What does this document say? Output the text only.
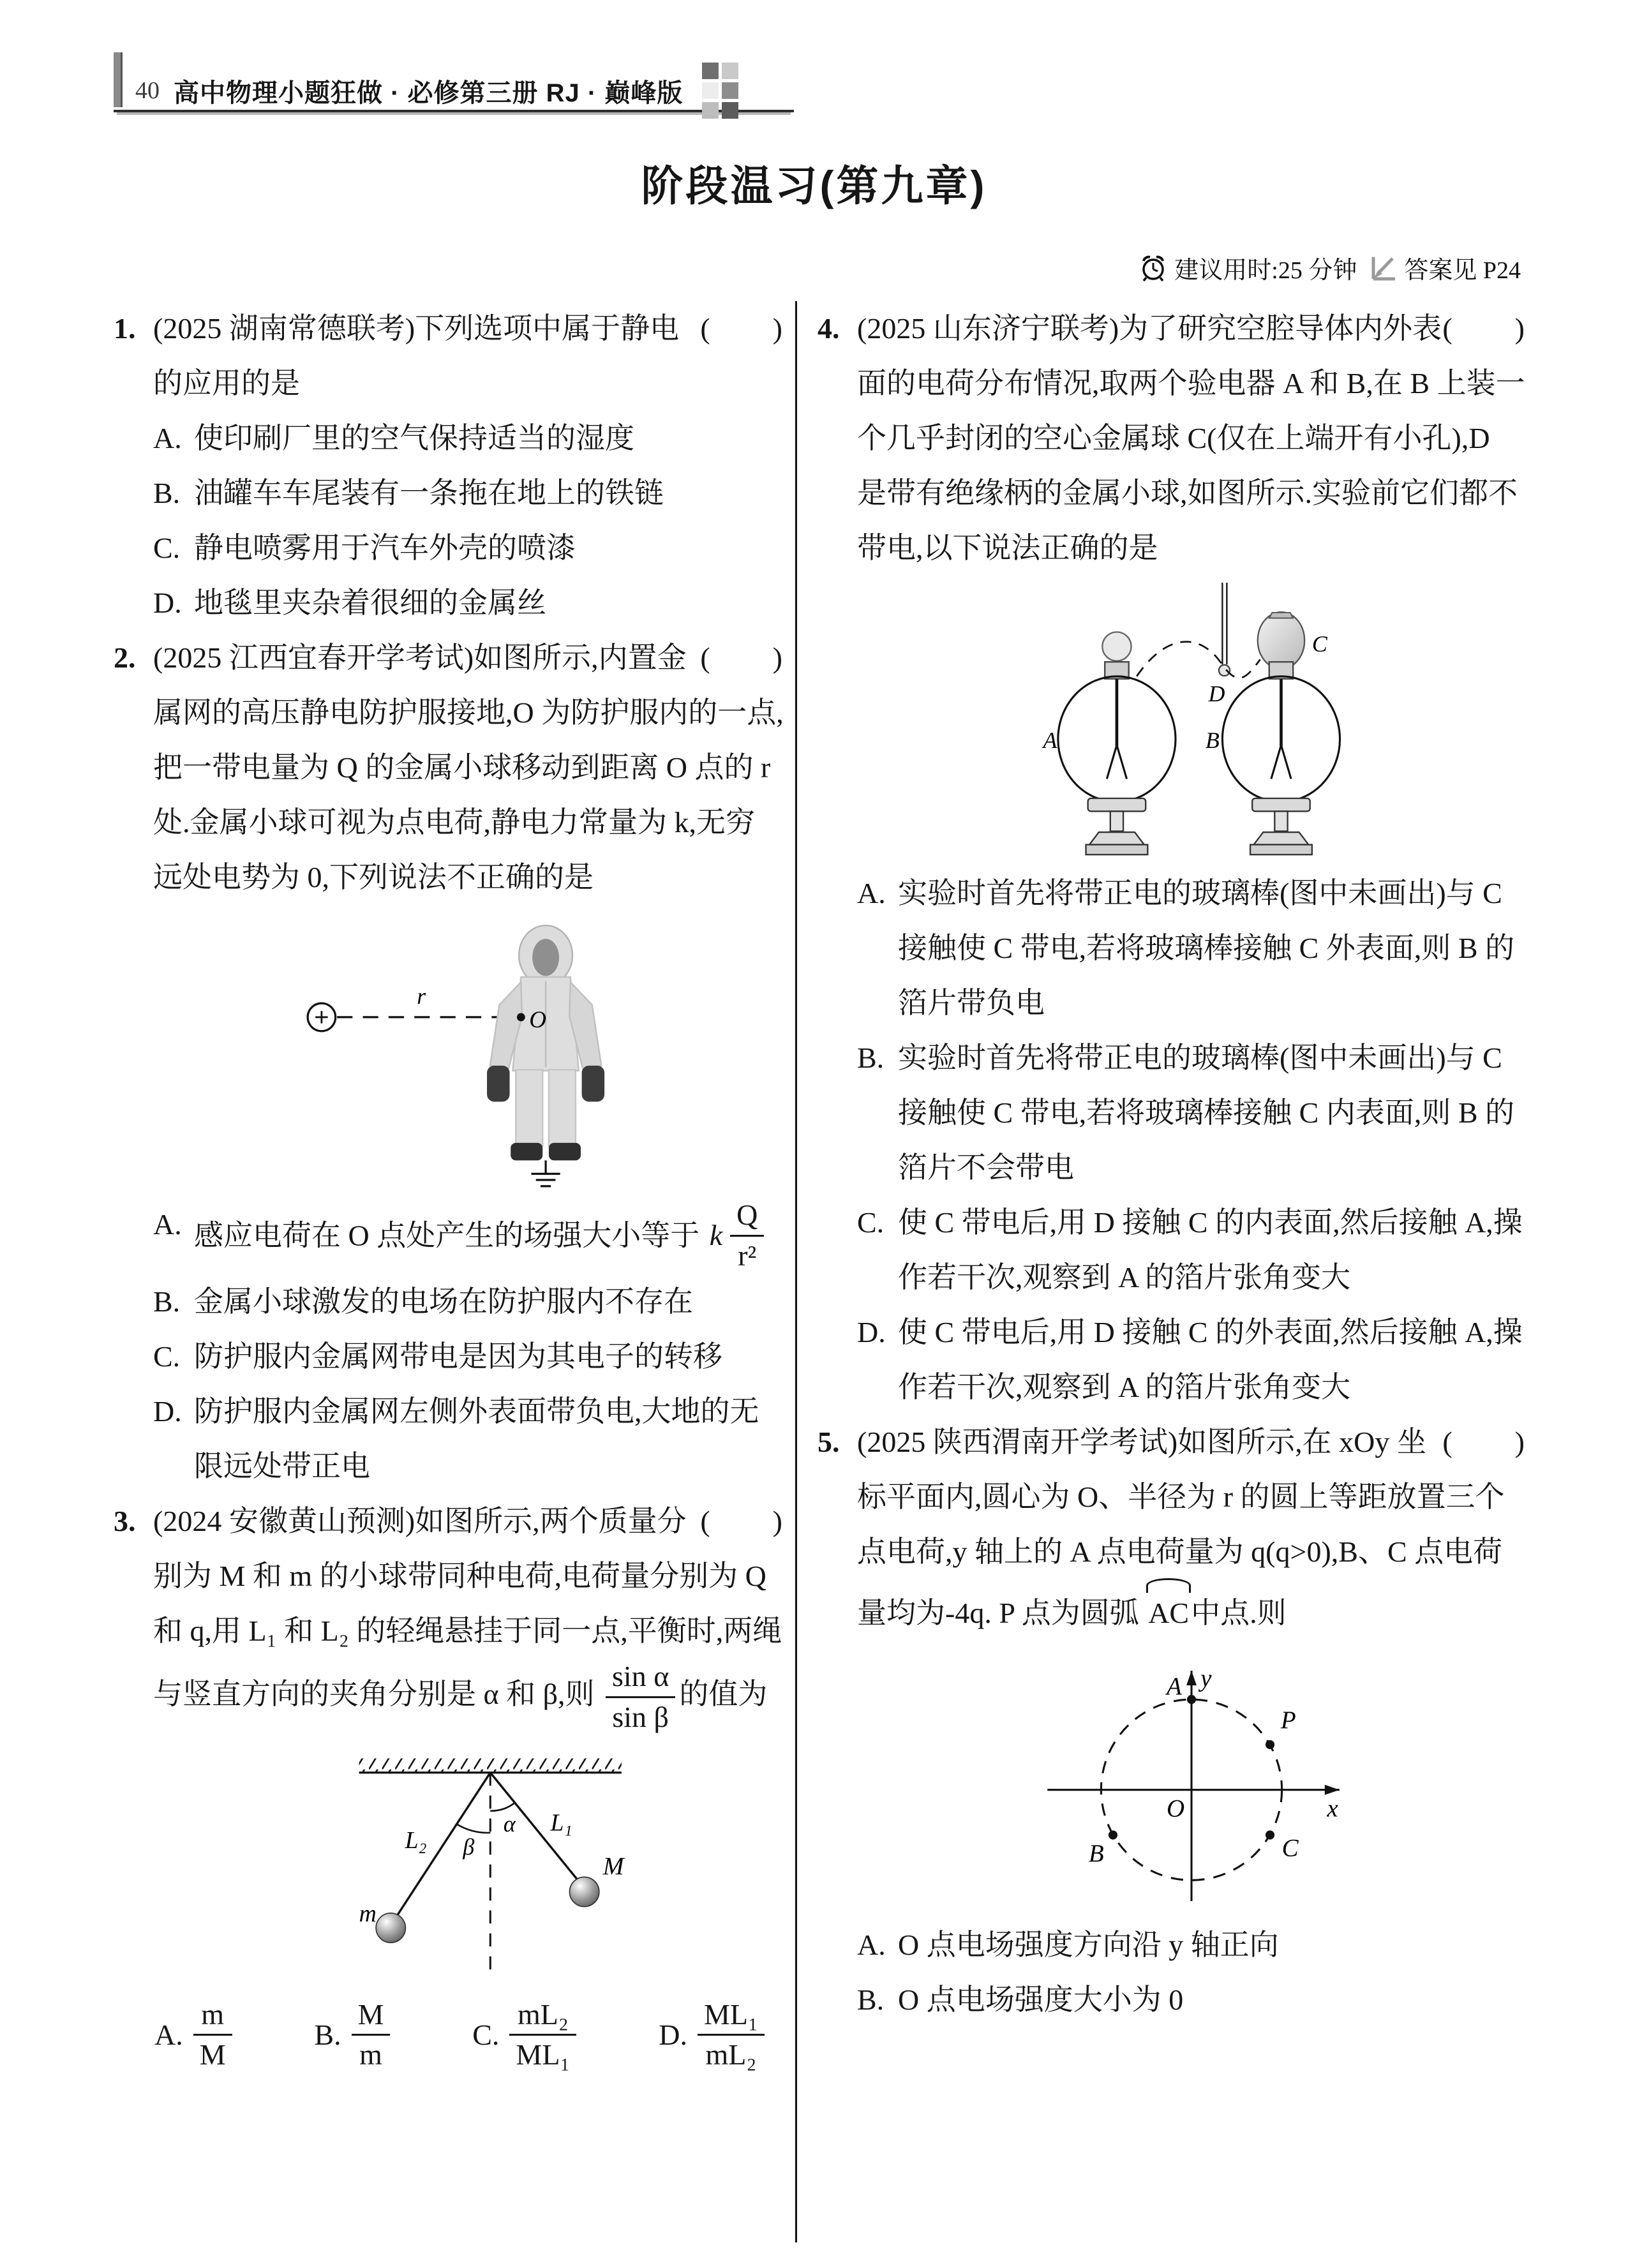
40 高中物理小题狂做 · 必修第三册 RJ · 巅峰版
阶段温习(第九章)
建议用时:25 分钟 答案见 P24
1.	(　　)
(2025 湖南常德联考)下列选项中属于静电的应用的是
A. 使印刷厂里的空气保持适当的湿度
B. 油罐车车尾装有一条拖在地上的铁链
C. 静电喷雾用于汽车外壳的喷漆
D. 地毯里夹杂着很细的金属丝
2.	(　　)
(2025 江西宜春开学考试)如图所示,内置金属网的高压静电防护服接地,O 为防护服内的一点,把一带电量为 Q 的金属小球移动到距离 O 点的 r 处.金属小球可视为点电荷,静电力常量为 k,无穷远处电势为 0,下列说法不正确的是
r
O
A. 感应电荷在 O 点处产生的场强大小等于 k $\frac{Q}{\text{r²}}$
B. 金属小球激发的电场在防护服内不存在
C. 防护服内金属网带电是因为其电子的转移
D. 防护服内金属网左侧外表面带负电,大地的无限远处带正电
3.	(　　)
(2024 安徽黄山预测)如图所示,两个质量分别为 M 和 m 的小球带同种电荷,电荷量分别为 Q 和 q,用 L₁ 和 L₂ 的轻绳悬挂于同一点,平衡时,两绳与竖直方向的夹角分别是 α 和 β,则 $\frac{\text{sin α}}{\text{sin β}}$ 的值为
β
α
L₂
L₁
m
M
A. $\frac{m}{M}$	B. $\frac{M}{m}$	C. $\frac{\text{mL₂}}{\text{ML₁}}$	D. $\frac{\text{ML₁}}{\text{mL₂}}$
4.	(　　)
(2025 山东济宁联考)为了研究空腔导体内外表面的电荷分布情况,取两个验电器 A 和 B,在 B 上装一个几乎封闭的空心金属球 C(仅在上端开有小孔),D 是带有绝缘柄的金属小球,如图所示.实验前它们都不带电,以下说法正确的是
D
C
A	B
A. 实验时首先将带正电的玻璃棒(图中未画出)与 C 接触使 C 带电,若将玻璃棒接触 C 外表面,则 B 的箔片带负电
B. 实验时首先将带正电的玻璃棒(图中未画出)与 C 接触使 C 带电,若将玻璃棒接触 C 内表面,则 B 的箔片不会带电
C. 使 C 带电后,用 D 接触 C 的内表面,然后接触 A,操作若干次,观察到 A 的箔片张角变大
D. 使 C 带电后,用 D 接触 C 的外表面,然后接触 A,操作若干次,观察到 A 的箔片张角变大
5.	(　　)
(2025 陕西渭南开学考试)如图所示,在 xOy 坐标平面内,圆心为 O、半径为 r 的圆上等距放置三个点电荷,y 轴上的 A 点电荷量为 q(q>0),B、C 点电荷量均为-4q. P 点为圆弧 AC中点.则
A
P
B	C
O	x
y
A. O 点电场强度方向沿 y 轴正向
B. O 点电场强度大小为 0
